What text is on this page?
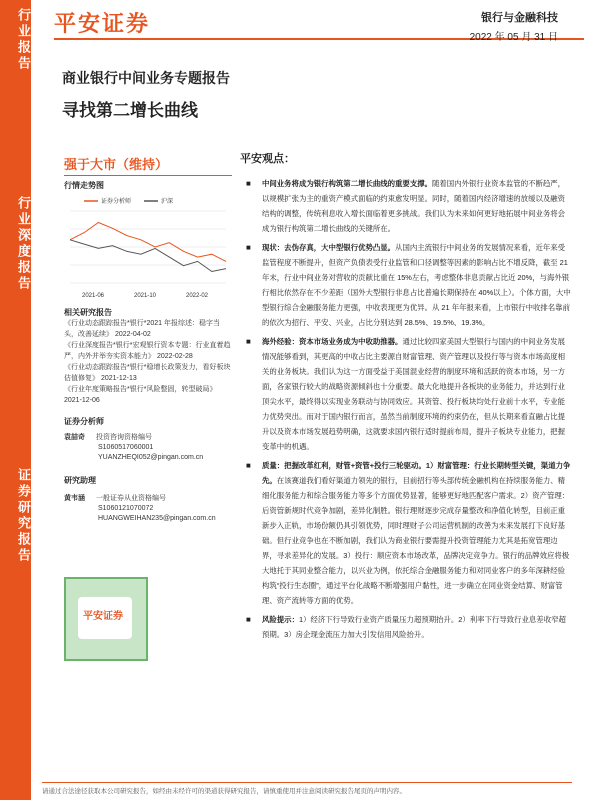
行业报告
行业深度报告
证券研究报告
平安证券	银行与金融科技
2022 年 05 月 31 日
商业银行中间业务专题报告
寻找第二增长曲线
强于大市（维持）
行情走势图
证券分析师	沪深
2021-06	2021-10	2022-02
相关研究报告
《行业动态跟踪报告*银行*2021 年报综述：稳字当头，改善延续》 2022-04-02
《行业深度报告*银行*宏观银行资本专题：行业直着趋严，内外并举夯实资本能力》 2022-02-28
《行业动态跟踪报告*银行*稳增长政策发力，看好板块估值修复》 2021-12-13
《行业年度策略报告*银行*风险整固，转型破局》 2021-12-06
证券分析师
袁喆奇 投资咨询资格编号
S1060517060001
YUANZHEQI052@pingan.com.cn
研究助理
黄韦涵 一般证券从业资格编号
S1060121070072
HUANGWEIHAN235@pingan.com.cn
平安证券
平安观点：
■ 中间业务将成为银行构筑第二增长曲线的重要支撑。随着国内外银行业资本监管的不断趋严，以规模扩张为主的重资产模式面临的约束愈发明显。同时，随着国内经济增速的放缓以及融资结构的调整，传统利息收入增长面临着更多挑战。我们认为未来如何更好地拓展中间业务将会成为银行构筑第二增长曲线的关键所在。
■ 现状：去伪存真，大中型银行优势凸显。从国内主流银行中间业务的发展情况来看，近年来受监管程度不断提升，但资产负债表受行业监管和口径调整等因素的影响占比不增反降，截至 21 年末，行业中间业务对营收的贡献比重在 15%左右，考虑整体非息贡献占比近 20%，与海外银行相比依然存在不少差距（国外大型银行非息占比普遍长期保持在 40%以上）。个体方面，大中型银行综合金融服务能力更强，中收表现更为优异。从 21 年年报来看，上市银行中收排名靠前的依次为招行、平安、兴业，占比分别达到 28.5%、19.5%、19.3%。
■ 海外经验：资本市场业务成为中收助推器。通过比较四家美国大型银行与国内的中间业务发展情况能够看到，其更高的中收占比主要源自财富管理、资产管理以及投行等与资本市场高度相关的业务板块。我们认为这一方面受益于美国混业经营的制度环境和活跃的资本市场，另一方面，各家银行较大的战略资源倾斜也十分重要。最大化地提升各板块的业务能力，并达到行业顶尖水平，最终得以实现业务联动与协同效应。其资管、投行板块均处行业前十水平，专业能力优势突出。而对于国内银行而言，虽然当前制度环境的约束仍在，但从长期来看直融占比提升以及资本市场发展趋势明确，这就要求国内银行适时提前布局，提升子板块专业能力，把握变革中的机遇。
■ 质量：把握改革红利，财管+资管+投行三轮驱动。1）财富管理：行业长期转型关键，渠道力争先。在该赛道我们看好渠道力领先的银行，目前招行等头部传统金融机构在持续服务能力、精细化服务能力和综合服务能力等多个方面优势显著，能够更好地匹配客户需求。2）资产管理：后资管新规时代竞争加剧，差异化制胜。银行理财逐步完成存量整改和净值化转型，目前正重新步入正轨，市场份额仍具引领优势，同时理财子公司运营机制的改善为未来发展打下良好基础。但行业竞争也在不断加剧，我们认为商业银行要需提升投资管理能力尤其是拓宽管理边界，寻求差异化的发展。3）投行：顺应资本市场改革，品牌决定竞争力。银行的品牌效应将极大地托于其同业整合能力，以兴业为例，依托综合金融服务能力和对同业客户的多年深耕经验构筑“投行生态圈”，通过平台化战略不断增强用户黏性，进一步确立在同业资金结算、财富管理、资产流转等方面的优势。
■ 风险提示：1）经济下行导致行业资产质量压力超预期抬升。2）利率下行导致行业息差收窄超预期。3）房企现金流压力加大引发信用风险抬升。
请通过合法途径获取本公司研究报告，如经由未经许可的渠道获得研究报告，请慎重使用并注意阅读研究报告尾页的声明内容。
